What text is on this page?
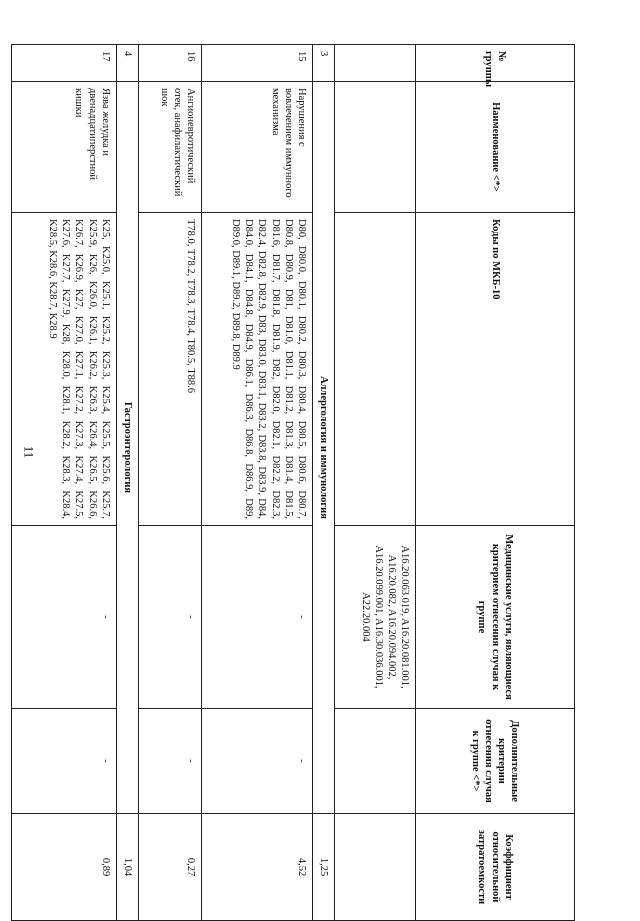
11
№ группы	Наименование <*>	Коды по МКБ-10	Медицинские услуги, являющиеся критерием отнесения случая к группе	Дополнительные критерии отнесения случая к группе <*>	Коэффициент относительной затратоемкости
			A16.20.063.019, A16.20.081.001, A16.20.082, A16.20.094.002, A16.20.099.001, A16.30.036.001, A22.20.004		
3	Аллергология и иммунология				1,25
15	Нарушения с вовлечением иммунного механизма	D80, D80.0, D80.1, D80.2, D80.3, D80.4, D80.5, D80.6, D80.7, D80.8, D80.9, D81, D81.0, D81.1, D81.2, D81.3, D81.4, D81.5, D81.6, D81.7, D81.8, D81.9, D82, D82.0, D82.1, D82.2, D82.3, D82.4, D82.8, D82.9, D83, D83.0, D83.1, D83.2, D83.8, D83.9, D84, D84.0, D84.1, D84.8, D84.9, D86.1, D86.3, D86.8, D86.9, D89, D89.0, D89.1, D89.2, D89.8, D89.9	-	-	4,52
16	Ангионевротический отек, анафилактический шок	T78.0, T78.2, T78.3, T78.4, T80.5, T88.6	-	-	0,27
4	Гастроэнтерология				1,04
17	Язва желудка и двенадцатиперстной кишки	K25, K25.0, K25.1, K25.2, K25.3, K25.4, K25.5, K25.6, K25.7, K25.9, K26, K26.0, K26.1, K26.2, K26.3, K26.4, K26.5, K26.6, K26.7, K26.9, K27, K27.0, K27.1, K27.2, K27.3, K27.4, K27.5, K27.6, K27.7, K27.9, K28, K28.0, K28.1, K28.2, K28.3, K28.4, K28.5, K28.6, K28.7, K28.9	-	-	0,89
